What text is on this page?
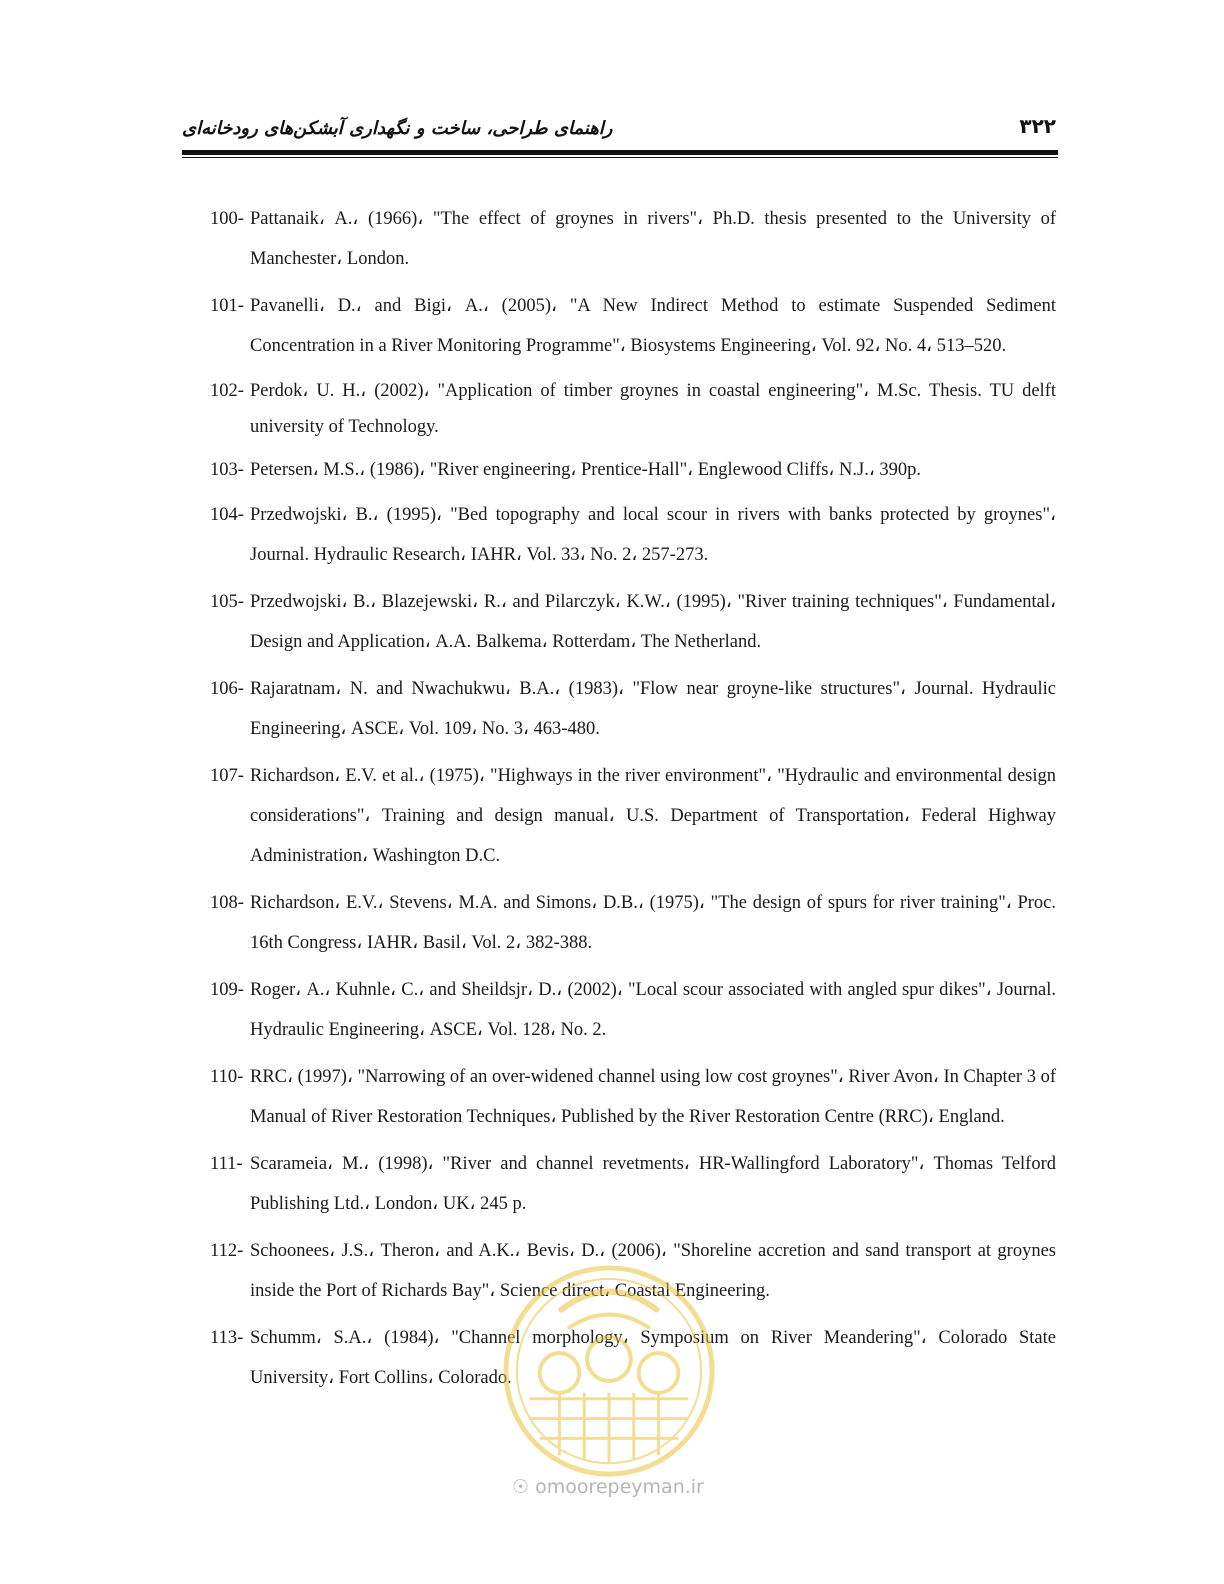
راهنمای طراحی، ساخت و نگهداری آبشکن‌های رودخانه‌ای	۳۲۲
100- Pattanaik، A.، (1966)، "The effect of groynes in rivers"، Ph.D. thesis presented to the University of Manchester، London.
101- Pavanelli، D.، and Bigi، A.، (2005)، "A New Indirect Method to estimate Suspended Sediment Concentration in a River Monitoring Programme"، Biosystems Engineering، Vol. 92، No. 4، 513–520.
102- Perdok، U. H.، (2002)، "Application of timber groynes in coastal engineering"، M.Sc. Thesis. TU delft university of Technology.
103- Petersen، M.S.، (1986)، "River engineering، Prentice-Hall"، Englewood Cliffs، N.J.، 390p.
104- Przedwojski، B.، (1995)، "Bed topography and local scour in rivers with banks protected by groynes"، Journal. Hydraulic Research، IAHR، Vol. 33، No. 2، 257-273.
105- Przedwojski، B.، Blazejewski، R.، and Pilarczyk، K.W.، (1995)، "River training techniques"، Fundamental، Design and Application، A.A. Balkema، Rotterdam، The Netherland.
106- Rajaratnam، N. and Nwachukwu، B.A.، (1983)، "Flow near groyne-like structures"، Journal. Hydraulic Engineering، ASCE، Vol. 109، No. 3، 463-480.
107- Richardson، E.V. et al.، (1975)، "Highways in the river environment"، "Hydraulic and environmental design considerations"، Training and design manual، U.S. Department of Transportation، Federal Highway Administration، Washington D.C.
108- Richardson، E.V.، Stevens، M.A. and Simons، D.B.، (1975)، "The design of spurs for river training"، Proc. 16th Congress، IAHR، Basil، Vol. 2، 382-388.
109- Roger، A.، Kuhnle، C.، and Sheildsjr، D.، (2002)، "Local scour associated with angled spur dikes"، Journal. Hydraulic Engineering، ASCE، Vol. 128، No. 2.
110- RRC، (1997)، "Narrowing of an over-widened channel using low cost groynes"، River Avon، In Chapter 3 of Manual of River Restoration Techniques، Published by the River Restoration Centre (RRC)، England.
111- Scarameia، M.، (1998)، "River and channel revetments، HR-Wallingford Laboratory"، Thomas Telford Publishing Ltd.، London، UK، 245 p.
112- Schoonees، J.S.، Theron، and A.K.، Bevis، D.، (2006)، "Shoreline accretion and sand transport at groynes inside the Port of Richards Bay"، Science direct، Coastal Engineering.
113- Schumm، S.A.، (1984)، "Channel morphology، Symposium on River Meandering"، Colorado State University، Fort Collins، Colorado.
☉ omoorepeyman.ir
